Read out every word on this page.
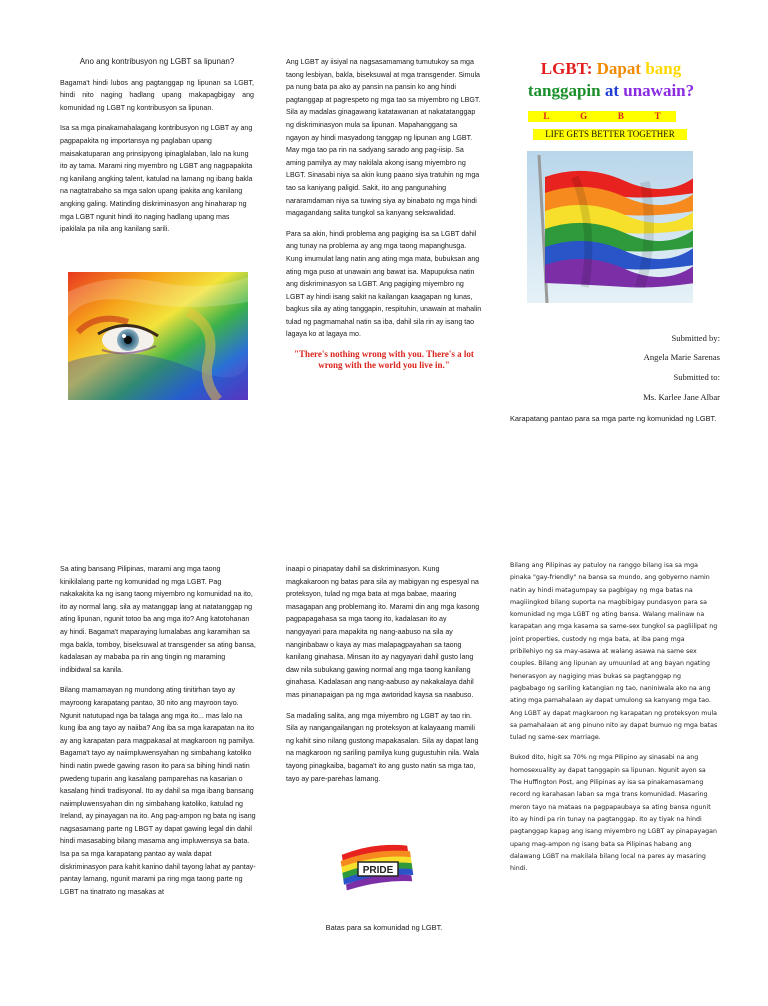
Ano ang kontribusyon ng LGBT sa lipunan?

Bagama't hindi lubos ang pagtanggap ng lipunan sa LGBT, hindi nito naging hadlang upang makapagbigay ang komunidad ng LGBT ng kontribusyon sa lipunan.

Isa sa mga pinakamahalagang kontribusyon ng LGBT ay ang pagpapakita ng importansya ng paglaban upang maisakatuparan ang prinsipyong ipinaglalaban, lalo na kung ito ay tama. Marami ring myembro ng LGBT ang nagpapakita ng kanilang angking talent, katulad na lamang ng ibang bakla na nagtatrabaho sa mga salon upang ipakita ang kanilang angking galing. Matinding diskriminasyon ang hinaharap ng mga LGBT ngunit hindi ito naging hadlang upang mas ipakilala pa nila ang kanilang sarili.

Ang LGBT ay iisiyal na nagsasamamang tumutukoy sa mga taong lesbiyan, bakla, biseksuwal at mga transgender. Simula pa nung bata pa ako ay pansin na pansin ko ang hindi pagtanggap at pagrespeto ng mga tao sa miyembro ng LBGT. Sila ay madalas ginagawang katatawanan at nakatatanggap ng diskriminasyon mula sa lipunan. Mapahanggang sa ngayon ay hindi masyadong tanggap ng lipunan ang LGBT. May mga tao pa rin na sadyang sarado ang pag-iisip. Sa aming pamilya ay may nakilala akong isang miyembro ng LBGT. Sinasabi niya sa akin kung paano siya tratuhin ng mga tao sa kaniyang paligid. Sakit, ito ang pangunahing nararamdaman niya sa tuwing siya ay binabato ng mga hindi magagandang salita tungkol sa kanyang sekswalidad.

Para sa akin, hindi problema ang pagiging isa sa LGBT dahil ang tunay na problema ay ang mga taong mapanghusga. Kung imumulat lang natin ang ating mga mata, bubuksan ang ating mga puso at unawain ang bawat isa. Mapupuksa natin ang diskriminasyon sa LGBT. Ang pagiging miyembro ng LGBT ay hindi isang sakit na kailangan kaagapan ng lunas, bagkus sila ay ating tanggapin, respituhin, unawain at mahalin tulad ng pagmamahal natin sa iba, dahil sila rin ay isang tao lagaya ko at lagaya mo.

"There's nothing wrong with you. There's a lot wrong with the world you live in."

LGBT: Dapat bang
tanggapin at unawain?
L	G	B	T
LIFE GETS BETTER TOGETHER
Submitted by:
Angela Marie Sarenas
Submitted to:
Ms. Karlee Jane Albar
Karapatang pantao para sa mga parte ng komunidad ng LGBT.

Sa ating bansang Pilipinas, marami ang mga taong kinikilalang parte ng komunidad ng mga LGBT. Pag nakakakita ka ng isang taong miyembro ng komunidad na ito, ito ay normal lang. sila ay matanggap lang at natatanggap ng ating lipunan, ngunit totoo ba ang mga ito? Ang katotohanan ay hindi. Bagama't maparaying lumalabas ang karamihan sa mga bakla, tomboy, biseksuwal at transgender sa ating bansa, kadalasan ay mababa pa rin ang tingin ng maraming indibidwal sa kanila.

Bilang mamamayan ng mundong ating tinitirhan tayo ay mayroong karapatang pantao, 30 nito ang mayroon tayo. Ngunit natutupad nga ba talaga ang mga ito... mas lalo na kung iba ang tayo ay naiiba? Ang iba sa mga karapatan na ito ay ang karapatan para magpakasal at magkaroon ng pamilya. Bagama't tayo ay naiimpluwensyahan ng simbahang katoliko hindi natin pwede gawing rason ito para sa bihing hindi natin pwedeng tuparin ang kasalang pamparehas na kasarian o kasalang hindi tradisyonal. Ito ay dahil sa mga ibang bansang naiimpluwensyahan din ng simbahang katoliko, katulad ng Ireland, ay pinayagan na ito. Ang pag-ampon ng bata ng isang nagsasamang parte ng LBGT ay dapat gawing legal din dahil hindi masasabing bilang masama ang impluwensya sa bata. Isa pa sa mga karapatang pantao ay wala dapat diskriminasyon para kahit kanino dahil tayong lahat ay pantay-pantay lamang, ngunit marami pa ring mga taong parte ng LGBT na tinatrato ng masakas at

inaapi o pinapatay dahil sa diskriminasyon. Kung magkakaroon ng batas para sila ay mabigyan ng espesyal na proteksyon, tulad ng mga bata at mga babae, maaring masagapan ang problemang ito. Marami din ang mga kasong pagpapagahasa sa mga taong ito, kadalasan ito ay nangyayari para mapakita ng nang-aabuso na sila ay nanginbabaw o kaya ay mas malapagpayahan sa taong kanilang ginahasa. Minsan ito ay nagyayari dahil gusto lang daw nila subukang gawing normal ang mga taong kanilang ginahasa. Kadalasan ang nang-aabuso ay nakakalaya dahil mas pinanapaigan pa ng mga awtoridad kaysa sa naabuso.

Sa madaling salita, ang mga miyembro ng LGBT ay tao rin. Sila ay nangangailangan ng proteksyon at kalayaang mamili ng kahit sino nilang gustong mapakasalan. Sila ay dapat lang na magkaroon ng sariling pamilya kung gugustuhin nila. Wala tayong pinagkaiba, bagama't ito ang gusto natin sa mga tao, tayo ay pare-parehas lamang.

PRIDE
Batas para sa komunidad ng LGBT.

Bilang ang Pilipinas ay patuloy na ranggo bilang isa sa mga pinaka "gay-friendly" na bansa sa mundo, ang gobyerno namin natin ay hindi matagumpay sa pagbigay ng mga batas na magiiingkod bilang suporta na magbibigay pundasyon para sa komunidad ng mga LGBT ng ating bansa. Walang malinaw na karapatan ang mga kasama sa same-sex tungkol sa pagliilipat ng joint properties, custody ng mga bata, at iba pang mga pribilehiyo ng sa may-asawa at walang asawa na same sex couples. Bilang ang lipunan ay umuunlad at ang bayan ngating henerasyon ay nagiging mas bukas sa pagtanggap ng pagbabago ng sariling katangian ng tao, naniniwala ako na ang ating mga pamahalaan ay dapat umulong sa kanyang mga tao. Ang LGBT ay dapat magkaroon ng karapatan ng proteksyon mula sa pamahalaan at ang pinuno nito ay dapat bumuo ng mga batas tulad ng same-sex marriage.

Bukod dito, higit sa 70% ng mga Pilipino ay sinasabi na ang homosexuality ay dapat tanggapin sa lipunan. Ngunit ayon sa The Huffington Post, ang Pilipinas ay isa sa pinakamasamang record ng karahasan laban sa mga trans komunidad. Masaring meron tayo na mataas na pagpapaubaya sa ating bansa ngunit ito ay hindi pa rin tunay na pagtanggap. Ito ay tiyak na hindi pagtanggap kapag ang isang miyembro ng LGBT ay pinapayagan upang mag-ampon ng isang bata sa Pilipinas habang ang dalawang LGBT na makilala bilang local na pares ay masaring hindi.
